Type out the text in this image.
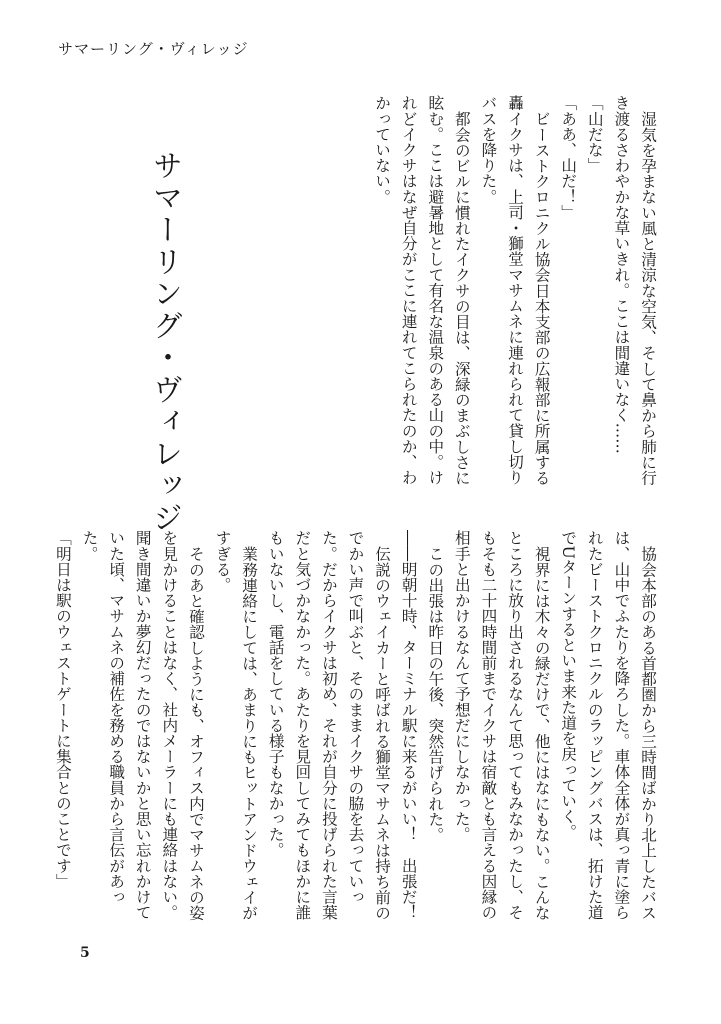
サマーリング・ヴィレッジ
サマーリング・ヴィレッジ	湿気を孕まない風と清涼な空気、そして鼻から肺に行き渡るさわやかな草いきれ。ここは間違いなく……

「山だな」

「ああ、山だ！」

ビーストクロニクル協会日本支部の広報部に所属する轟イクサは、上司・獅堂マサムネに連れられて貸し切りバスを降りた。

都会のビルに慣れたイクサの目は、深緑のまぶしさに眩む。ここは避暑地として有名な温泉のある山の中。けれどイクサはなぜ自分がここに連れてこられたのか、わかっていない。

協会本部のある首都圏から三時間ばかり北上したバスは、山中でふたりを降ろした。車体全体が真っ青に塗られたビーストクロニクルのラッピングバスは、拓けた道でUターンするといま来た道を戻っていく。

視界には木々の緑だけで、他にはなにもない。こんなところに放り出されるなんて思ってもみなかったし、そもそも二十四時間前までイクサは宿敵とも言える因縁の相手と出かけるなんて予想だにしなかった。

この出張は昨日の午後、突然告げられた。

――明朝十時、ターミナル駅に来るがいい！　出張だ！

伝説のウェイカーと呼ばれる獅堂マサムネは持ち前のでかい声で叫ぶと、そのままイクサの脇を去っていった。だからイクサは初め、それが自分に投げられた言葉だと気づかなかった。あたりを見回してみてもほかに誰もいないし、電話をしている様子もなかった。

業務連絡にしては、あまりにもヒットアンドウェイがすぎる。

そのあと確認しようにも、オフィス内でマサムネの姿を見かけることはなく、社内メーラーにも連絡はない。聞き間違いか夢幻だったのではないかと思い忘れかけていた頃、マサムネの補佐を務める職員から言伝があった。

「明日は駅のウェストゲートに集合とのことです」

5
